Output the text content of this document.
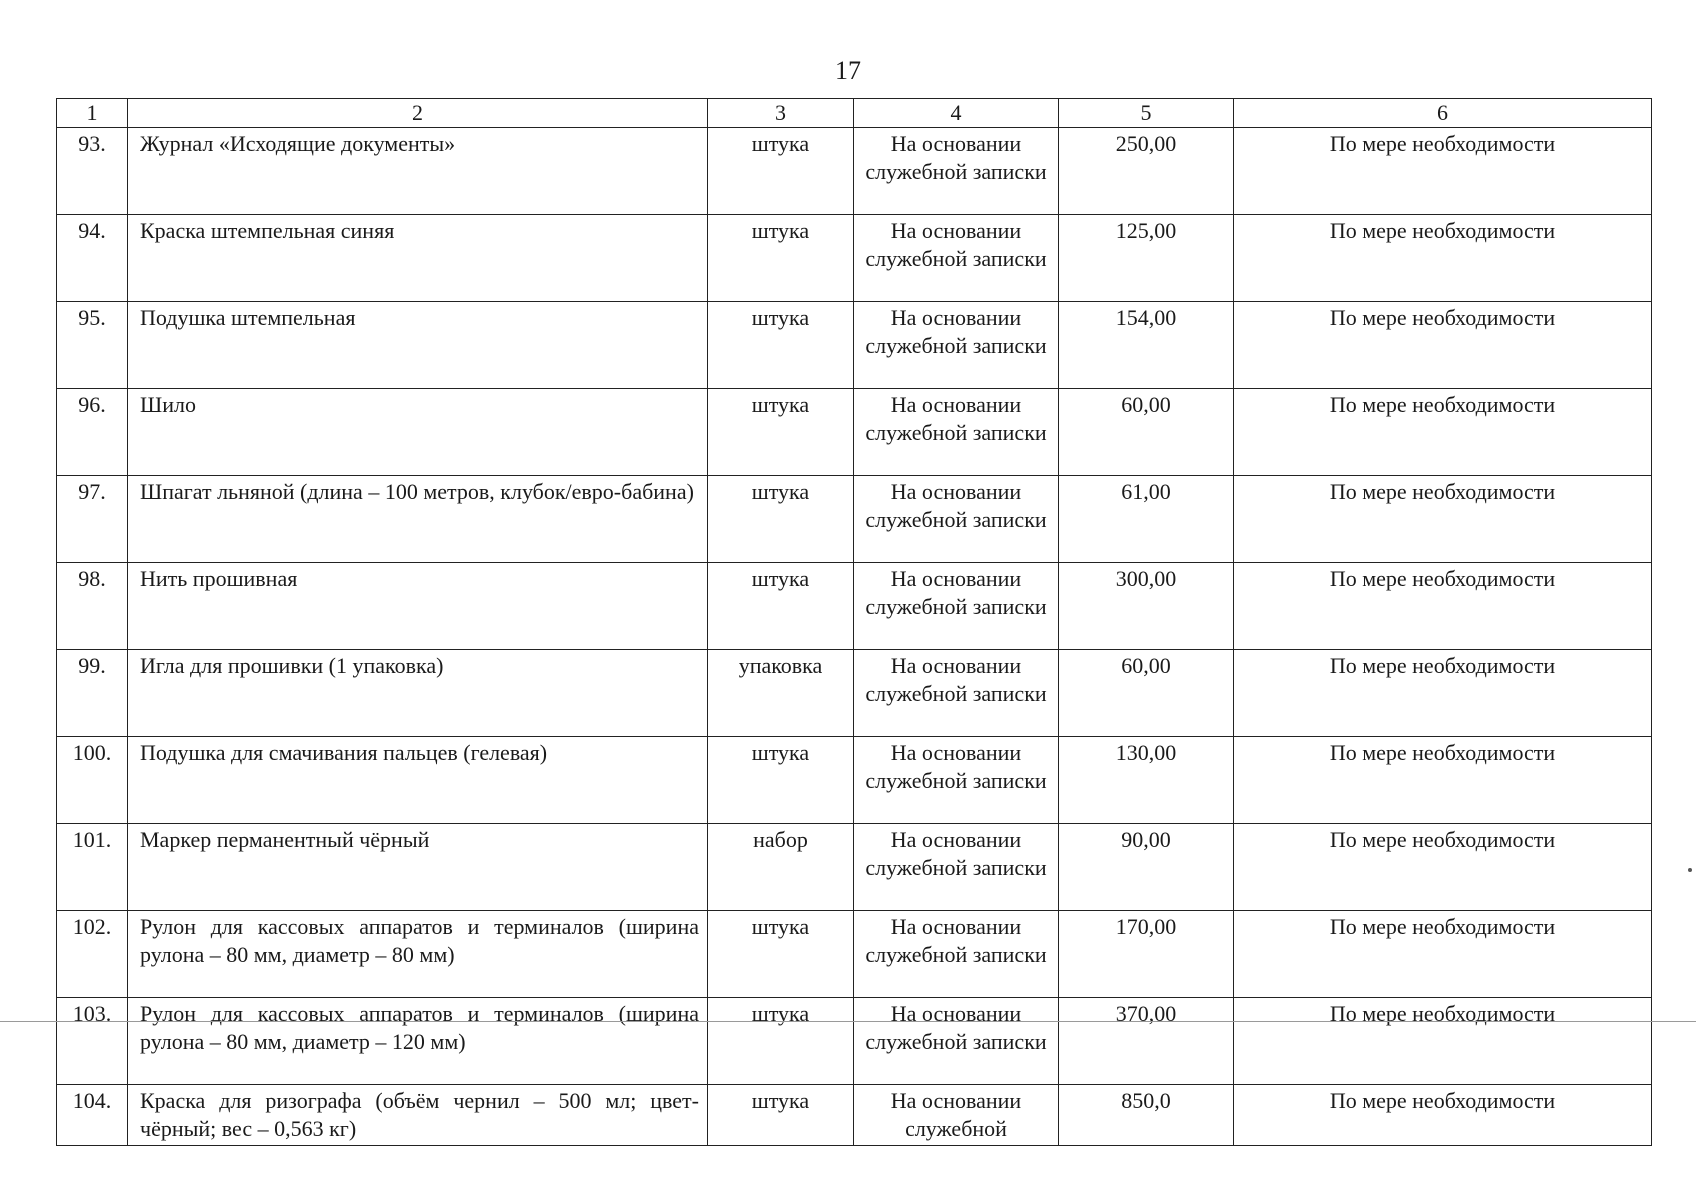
17
1	2	3	4	5	6
93.	Журнал «Исходящие документы»	штука	На основании служебной записки	250,00	По мере необходимости
94.	Краска штемпельная синяя	штука	На основании служебной записки	125,00	По мере необходимости
95.	Подушка штемпельная	штука	На основании служебной записки	154,00	По мере необходимости
96.	Шило	штука	На основании служебной записки	60,00	По мере необходимости
97.	Шпагат льняной (длина – 100 метров, клубок/евро-бабина)	штука	На основании служебной записки	61,00	По мере необходимости
98.	Нить прошивная	штука	На основании служебной записки	300,00	По мере необходимости
99.	Игла для прошивки (1 упаковка)	упаковка	На основании служебной записки	60,00	По мере необходимости
100.	Подушка для смачивания пальцев (гелевая)	штука	На основании служебной записки	130,00	По мере необходимости
101.	Маркер перманентный чёрный	набор	На основании служебной записки	90,00	По мере необходимости
102.	Рулон для кассовых аппаратов и терминалов (ширина рулона – 80 мм, диаметр – 80 мм)	штука	На основании служебной записки	170,00	По мере необходимости
103.	Рулон для кассовых аппаратов и терминалов (ширина рулона – 80 мм, диаметр – 120 мм)	штука	На основании служебной записки	370,00	По мере необходимости
104.	Краска для ризографа (объём чернил – 500 мл; цвет-чёрный; вес – 0,563 кг)	штука	На основании служебной	850,0	По мере необходимости
